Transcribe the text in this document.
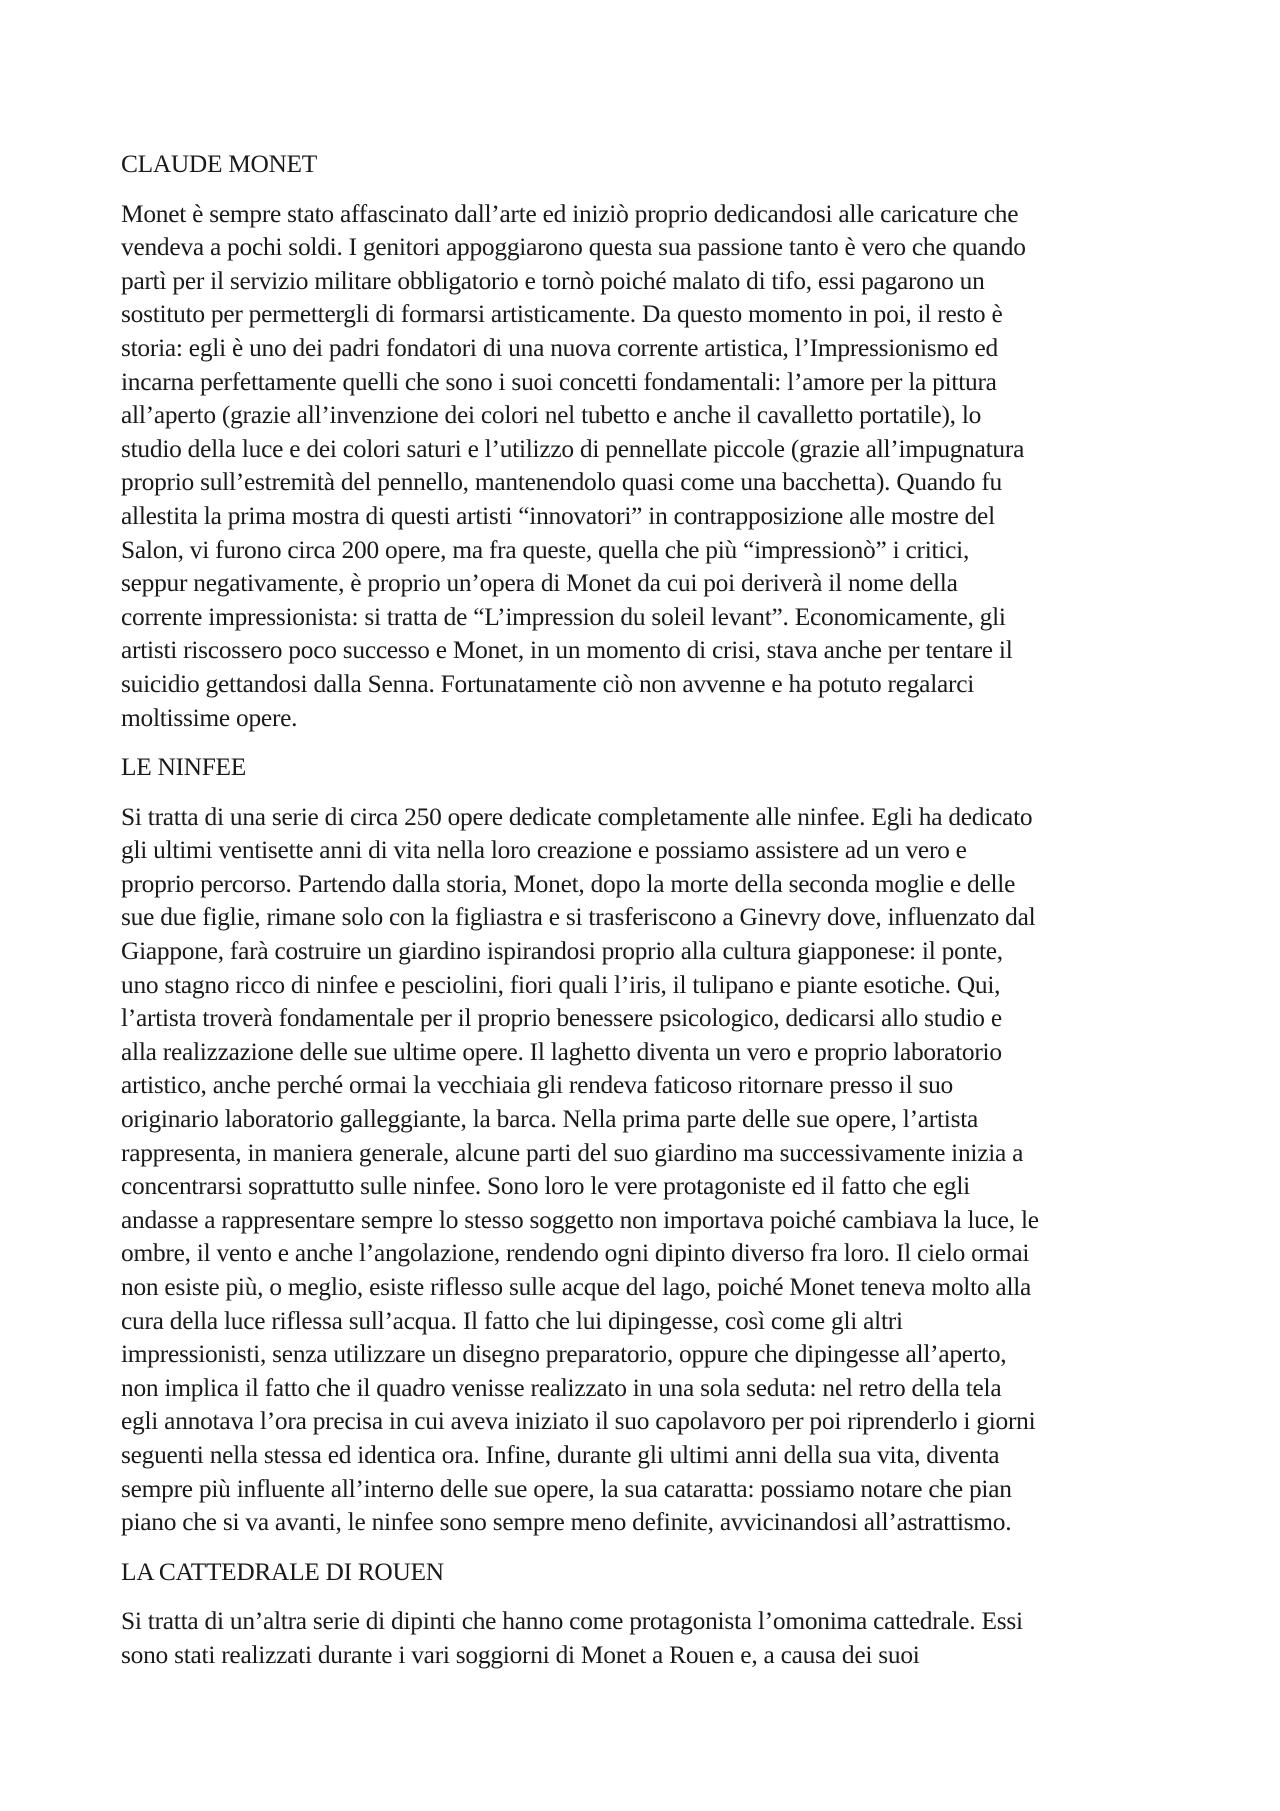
CLAUDE MONET

Monet è sempre stato affascinato dall’arte ed iniziò proprio dedicandosi alle caricature che
vendeva a pochi soldi. I genitori appoggiarono questa sua passione tanto è vero che quando
partì per il servizio militare obbligatorio e tornò poiché malato di tifo, essi pagarono un
sostituto per permettergli di formarsi artisticamente. Da questo momento in poi, il resto è
storia: egli è uno dei padri fondatori di una nuova corrente artistica, l’Impressionismo ed
incarna perfettamente quelli che sono i suoi concetti fondamentali: l’amore per la pittura
all’aperto (grazie all’invenzione dei colori nel tubetto e anche il cavalletto portatile), lo
studio della luce e dei colori saturi e l’utilizzo di pennellate piccole (grazie all’impugnatura
proprio sull’estremità del pennello, mantenendolo quasi come una bacchetta). Quando fu
allestita la prima mostra di questi artisti “innovatori” in contrapposizione alle mostre del
Salon, vi furono circa 200 opere, ma fra queste, quella che più “impressionò” i critici,
seppur negativamente, è proprio un’opera di Monet da cui poi deriverà il nome della
corrente impressionista: si tratta de “L’impression du soleil levant”. Economicamente, gli
artisti riscossero poco successo e Monet, in un momento di crisi, stava anche per tentare il
suicidio gettandosi dalla Senna. Fortunatamente ciò non avvenne e ha potuto regalarci
moltissime opere.

LE NINFEE

Si tratta di una serie di circa 250 opere dedicate completamente alle ninfee. Egli ha dedicato
gli ultimi ventisette anni di vita nella loro creazione e possiamo assistere ad un vero e
proprio percorso. Partendo dalla storia, Monet, dopo la morte della seconda moglie e delle
sue due figlie, rimane solo con la figliastra e si trasferiscono a Ginevry dove, influenzato dal
Giappone, farà costruire un giardino ispirandosi proprio alla cultura giapponese: il ponte,
uno stagno ricco di ninfee e pesciolini, fiori quali l’iris, il tulipano e piante esotiche. Qui,
l’artista troverà fondamentale per il proprio benessere psicologico, dedicarsi allo studio e
alla realizzazione delle sue ultime opere. Il laghetto diventa un vero e proprio laboratorio
artistico, anche perché ormai la vecchiaia gli rendeva faticoso ritornare presso il suo
originario laboratorio galleggiante, la barca. Nella prima parte delle sue opere, l’artista
rappresenta, in maniera generale, alcune parti del suo giardino ma successivamente inizia a
concentrarsi soprattutto sulle ninfee. Sono loro le vere protagoniste ed il fatto che egli
andasse a rappresentare sempre lo stesso soggetto non importava poiché cambiava la luce, le
ombre, il vento e anche l’angolazione, rendendo ogni dipinto diverso fra loro. Il cielo ormai
non esiste più, o meglio, esiste riflesso sulle acque del lago, poiché Monet teneva molto alla
cura della luce riflessa sull’acqua. Il fatto che lui dipingesse, così come gli altri
impressionisti, senza utilizzare un disegno preparatorio, oppure che dipingesse all’aperto,
non implica il fatto che il quadro venisse realizzato in una sola seduta: nel retro della tela
egli annotava l’ora precisa in cui aveva iniziato il suo capolavoro per poi riprenderlo i giorni
seguenti nella stessa ed identica ora. Infine, durante gli ultimi anni della sua vita, diventa
sempre più influente all’interno delle sue opere, la sua cataratta: possiamo notare che pian
piano che si va avanti, le ninfee sono sempre meno definite, avvicinandosi all’astrattismo.

LA CATTEDRALE DI ROUEN

Si tratta di un’altra serie di dipinti che hanno come protagonista l’omonima cattedrale. Essi
sono stati realizzati durante i vari soggiorni di Monet a Rouen e, a causa dei suoi
